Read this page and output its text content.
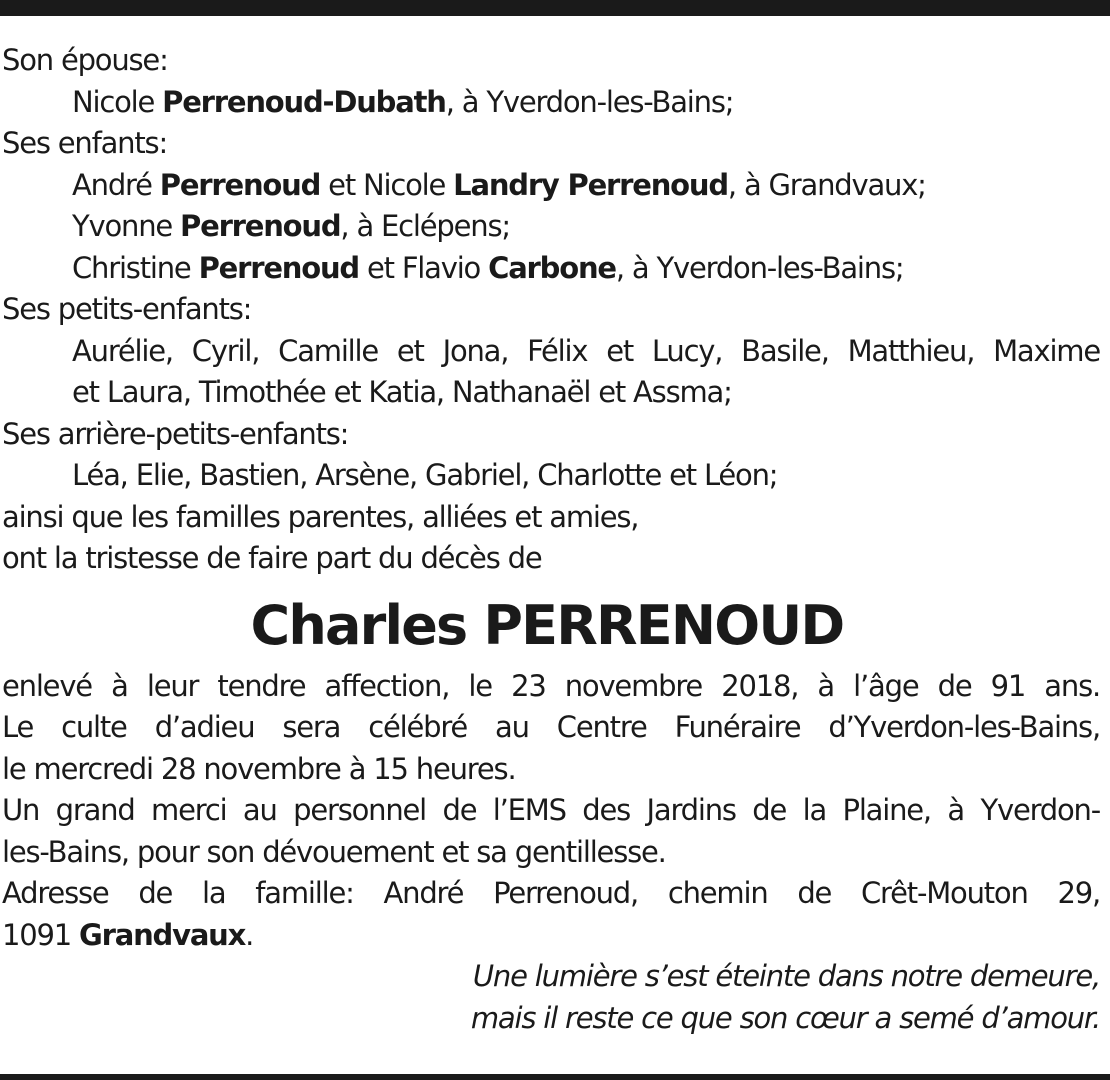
Son épouse:
Nicole Perrenoud-Dubath, à Yverdon-les-Bains;
Ses enfants:
André Perrenoud et Nicole Landry Perrenoud, à Grandvaux;
Yvonne Perrenoud, à Eclépens;
Christine Perrenoud et Flavio Carbone, à Yverdon-les-Bains;
Ses petits-enfants:
Aurélie, Cyril, Camille et Jona, Félix et Lucy, Basile, Matthieu, Maxime
et Laura, Timothée et Katia, Nathanaël et Assma;
Ses arrière-petits-enfants:
Léa, Elie, Bastien, Arsène, Gabriel, Charlotte et Léon;
ainsi que les familles parentes, alliées et amies,
ont la tristesse de faire part du décès de
Charles PERRENOUD
enlevé à leur tendre affection, le 23 novembre 2018, à l’âge de 91 ans.
Le culte d’adieu sera célébré au Centre Funéraire d’Yverdon-les-Bains,
le mercredi 28 novembre à 15 heures.
Un grand merci au personnel de l’EMS des Jardins de la Plaine, à Yverdon-
les-Bains, pour son dévouement et sa gentillesse.
Adresse de la famille: André Perrenoud, chemin de Crêt-Mouton 29,
1091 Grandvaux.
Une lumière s’est éteinte dans notre demeure,
mais il reste ce que son cœur a semé d’amour.
